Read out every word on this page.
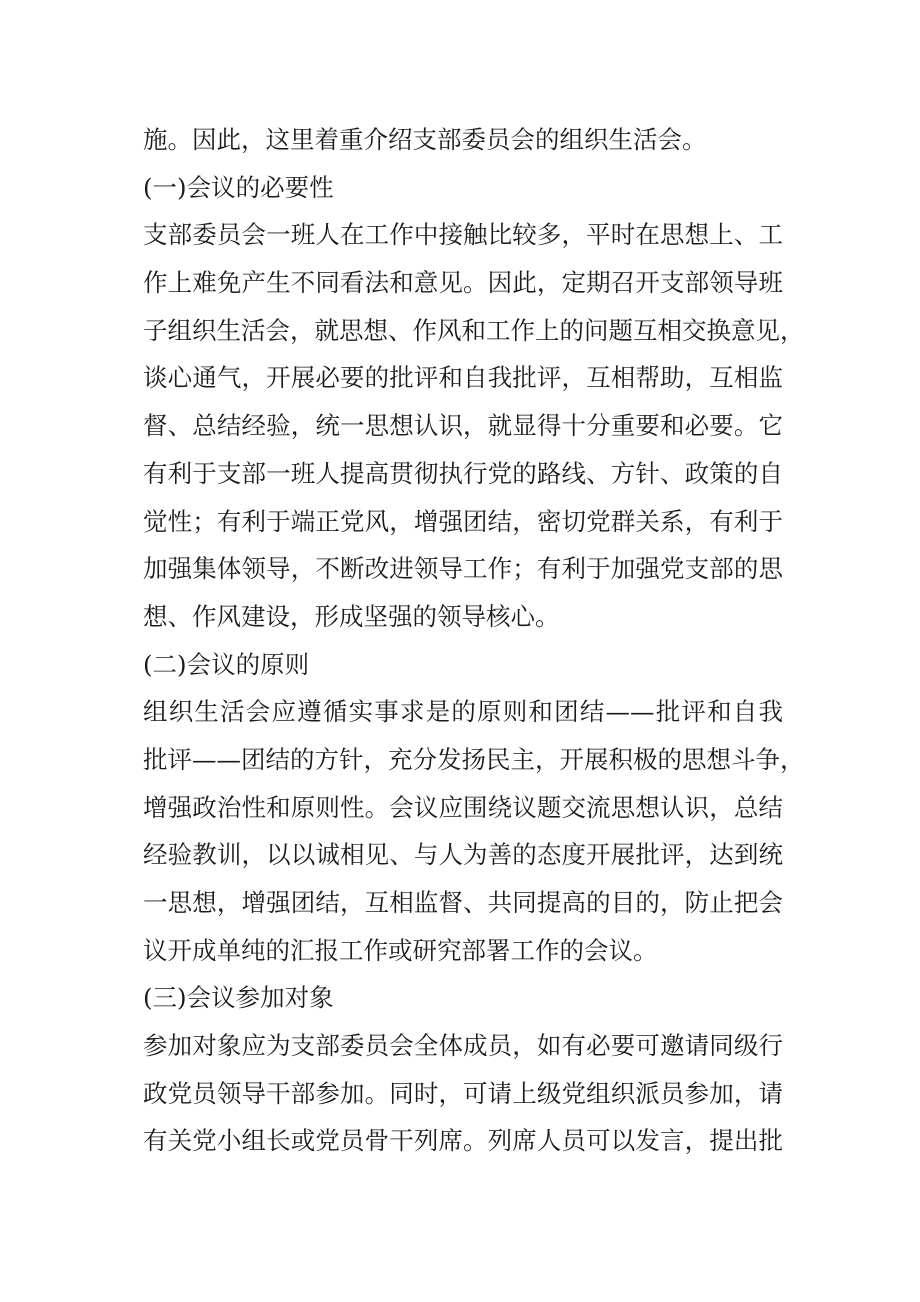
施。因此，这里着重介绍支部委员会的组织生活会。
(一)会议的必要性
支部委员会一班人在工作中接触比较多，平时在思想上、工
作上难免产生不同看法和意见。因此，定期召开支部领导班
子组织生活会，就思想、作风和工作上的问题互相交换意见，
谈心通气，开展必要的批评和自我批评，互相帮助，互相监
督、总结经验，统一思想认识，就显得十分重要和必要。它
有利于支部一班人提高贯彻执行党的路线、方针、政策的自
觉性；有利于端正党风，增强团结，密切党群关系，有利于
加强集体领导，不断改进领导工作；有利于加强党支部的思
想、作风建设，形成坚强的领导核心。
(二)会议的原则
组织生活会应遵循实事求是的原则和团结——批评和自我
批评——团结的方针，充分发扬民主，开展积极的思想斗争，
增强政治性和原则性。会议应围绕议题交流思想认识，总结
经验教训，以以诚相见、与人为善的态度开展批评，达到统
一思想，增强团结，互相监督、共同提高的目的，防止把会
议开成单纯的汇报工作或研究部署工作的会议。
(三)会议参加对象
参加对象应为支部委员会全体成员，如有必要可邀请同级行
政党员领导干部参加。同时，可请上级党组织派员参加，请
有关党小组长或党员骨干列席。列席人员可以发言，提出批
